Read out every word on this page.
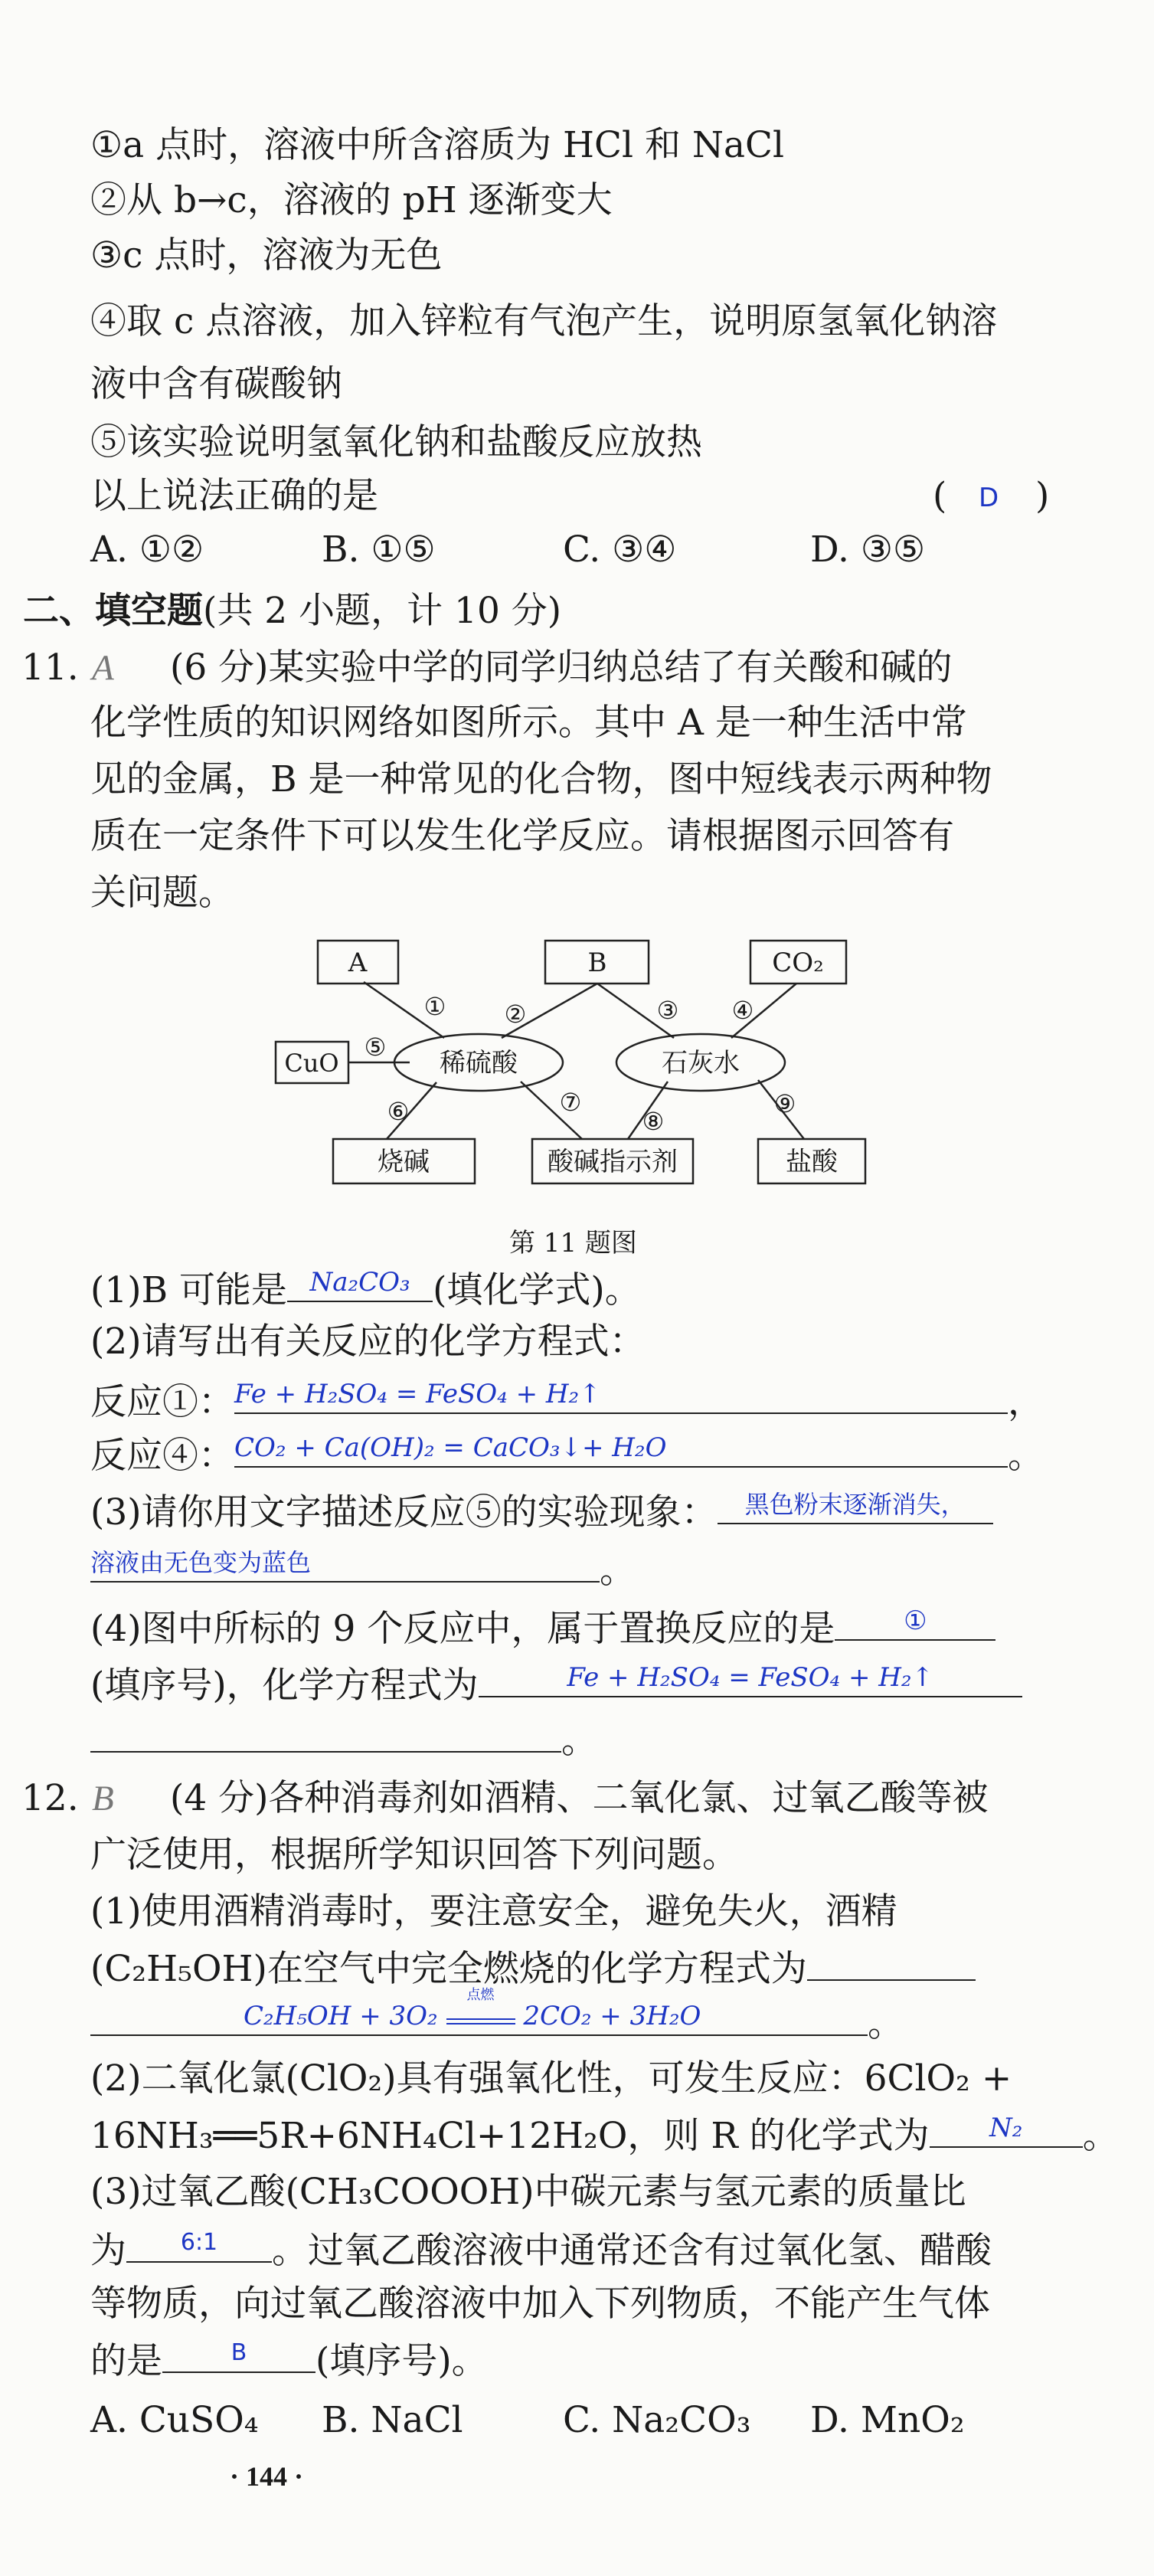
①a 点时，溶液中所含溶质为 HCl 和 NaCl
②从 b→c，溶液的 pH 逐渐变大
③c 点时，溶液为无色
④取 c 点溶液，加入锌粒有气泡产生，说明原氢氧化钠溶
液中含有碳酸钠
⑤该实验说明氢氧化钠和盐酸反应放热
以上说法正确的是	( D )
A. ①②	B. ①⑤	C. ③④	D. ③⑤
二、填空题(共 2 小题，计 10 分)
11. A (6 分)某实验中学的同学归纳总结了有关酸和碱的
化学性质的知识网络如图所示。其中 A 是一种生活中常
见的金属，B 是一种常见的化合物，图中短线表示两种物
质在一定条件下可以发生化学反应。请根据图示回答有
关问题。
A	B	CO₂
CuO	稀硫酸	石灰水
烧碱	酸碱指示剂	盐酸
① ②	③ ④
⑤
⑥	⑦
⑧
⑨
第 11 题图
(1)B 可能是 Na₂CO₃ (填化学式)。
(2)请写出有关反应的化学方程式：
反应①： Fe + H₂SO₄ = FeSO₄ + H₂↑	，
反应④： CO₂ + Ca(OH)₂ = CaCO₃↓+ H₂O	。
(3)请你用文字描述反应⑤的实验现象：	黑色粉末逐渐消失，
溶液由无色变为蓝色	。
(4)图中所标的 9 个反应中，属于置换反应的是	①
(填序号)，化学方程式为	Fe + H₂SO₄ = FeSO₄ + H₂↑
。
12. B (4 分)各种消毒剂如酒精、二氧化氯、过氧乙酸等被
广泛使用，根据所学知识回答下列问题。
(1)使用酒精消毒时，要注意安全，避免失火，酒精
(C₂H₅OH)在空气中完全燃烧的化学方程式为
C₂H₅OH + 3O₂
点燃
2CO₂ + 3H₂O	。
(2)二氧化氯(ClO₂)具有强氧化性，可发生反应：6ClO₂ +
16NH₃══5R+6NH₄Cl+12H₂O，则 R 的化学式为	N₂	。
(3)过氧乙酸(CH₃COOOH)中碳元素与氢元素的质量比
为	6:1	。过氧乙酸溶液中通常还含有过氧化氢、醋酸
等物质，向过氧乙酸溶液中加入下列物质，不能产生气体
的是	B	(填序号)。
A. CuSO₄ B. NaCl	C. Na₂CO₃ D. MnO₂
· 144 ·
